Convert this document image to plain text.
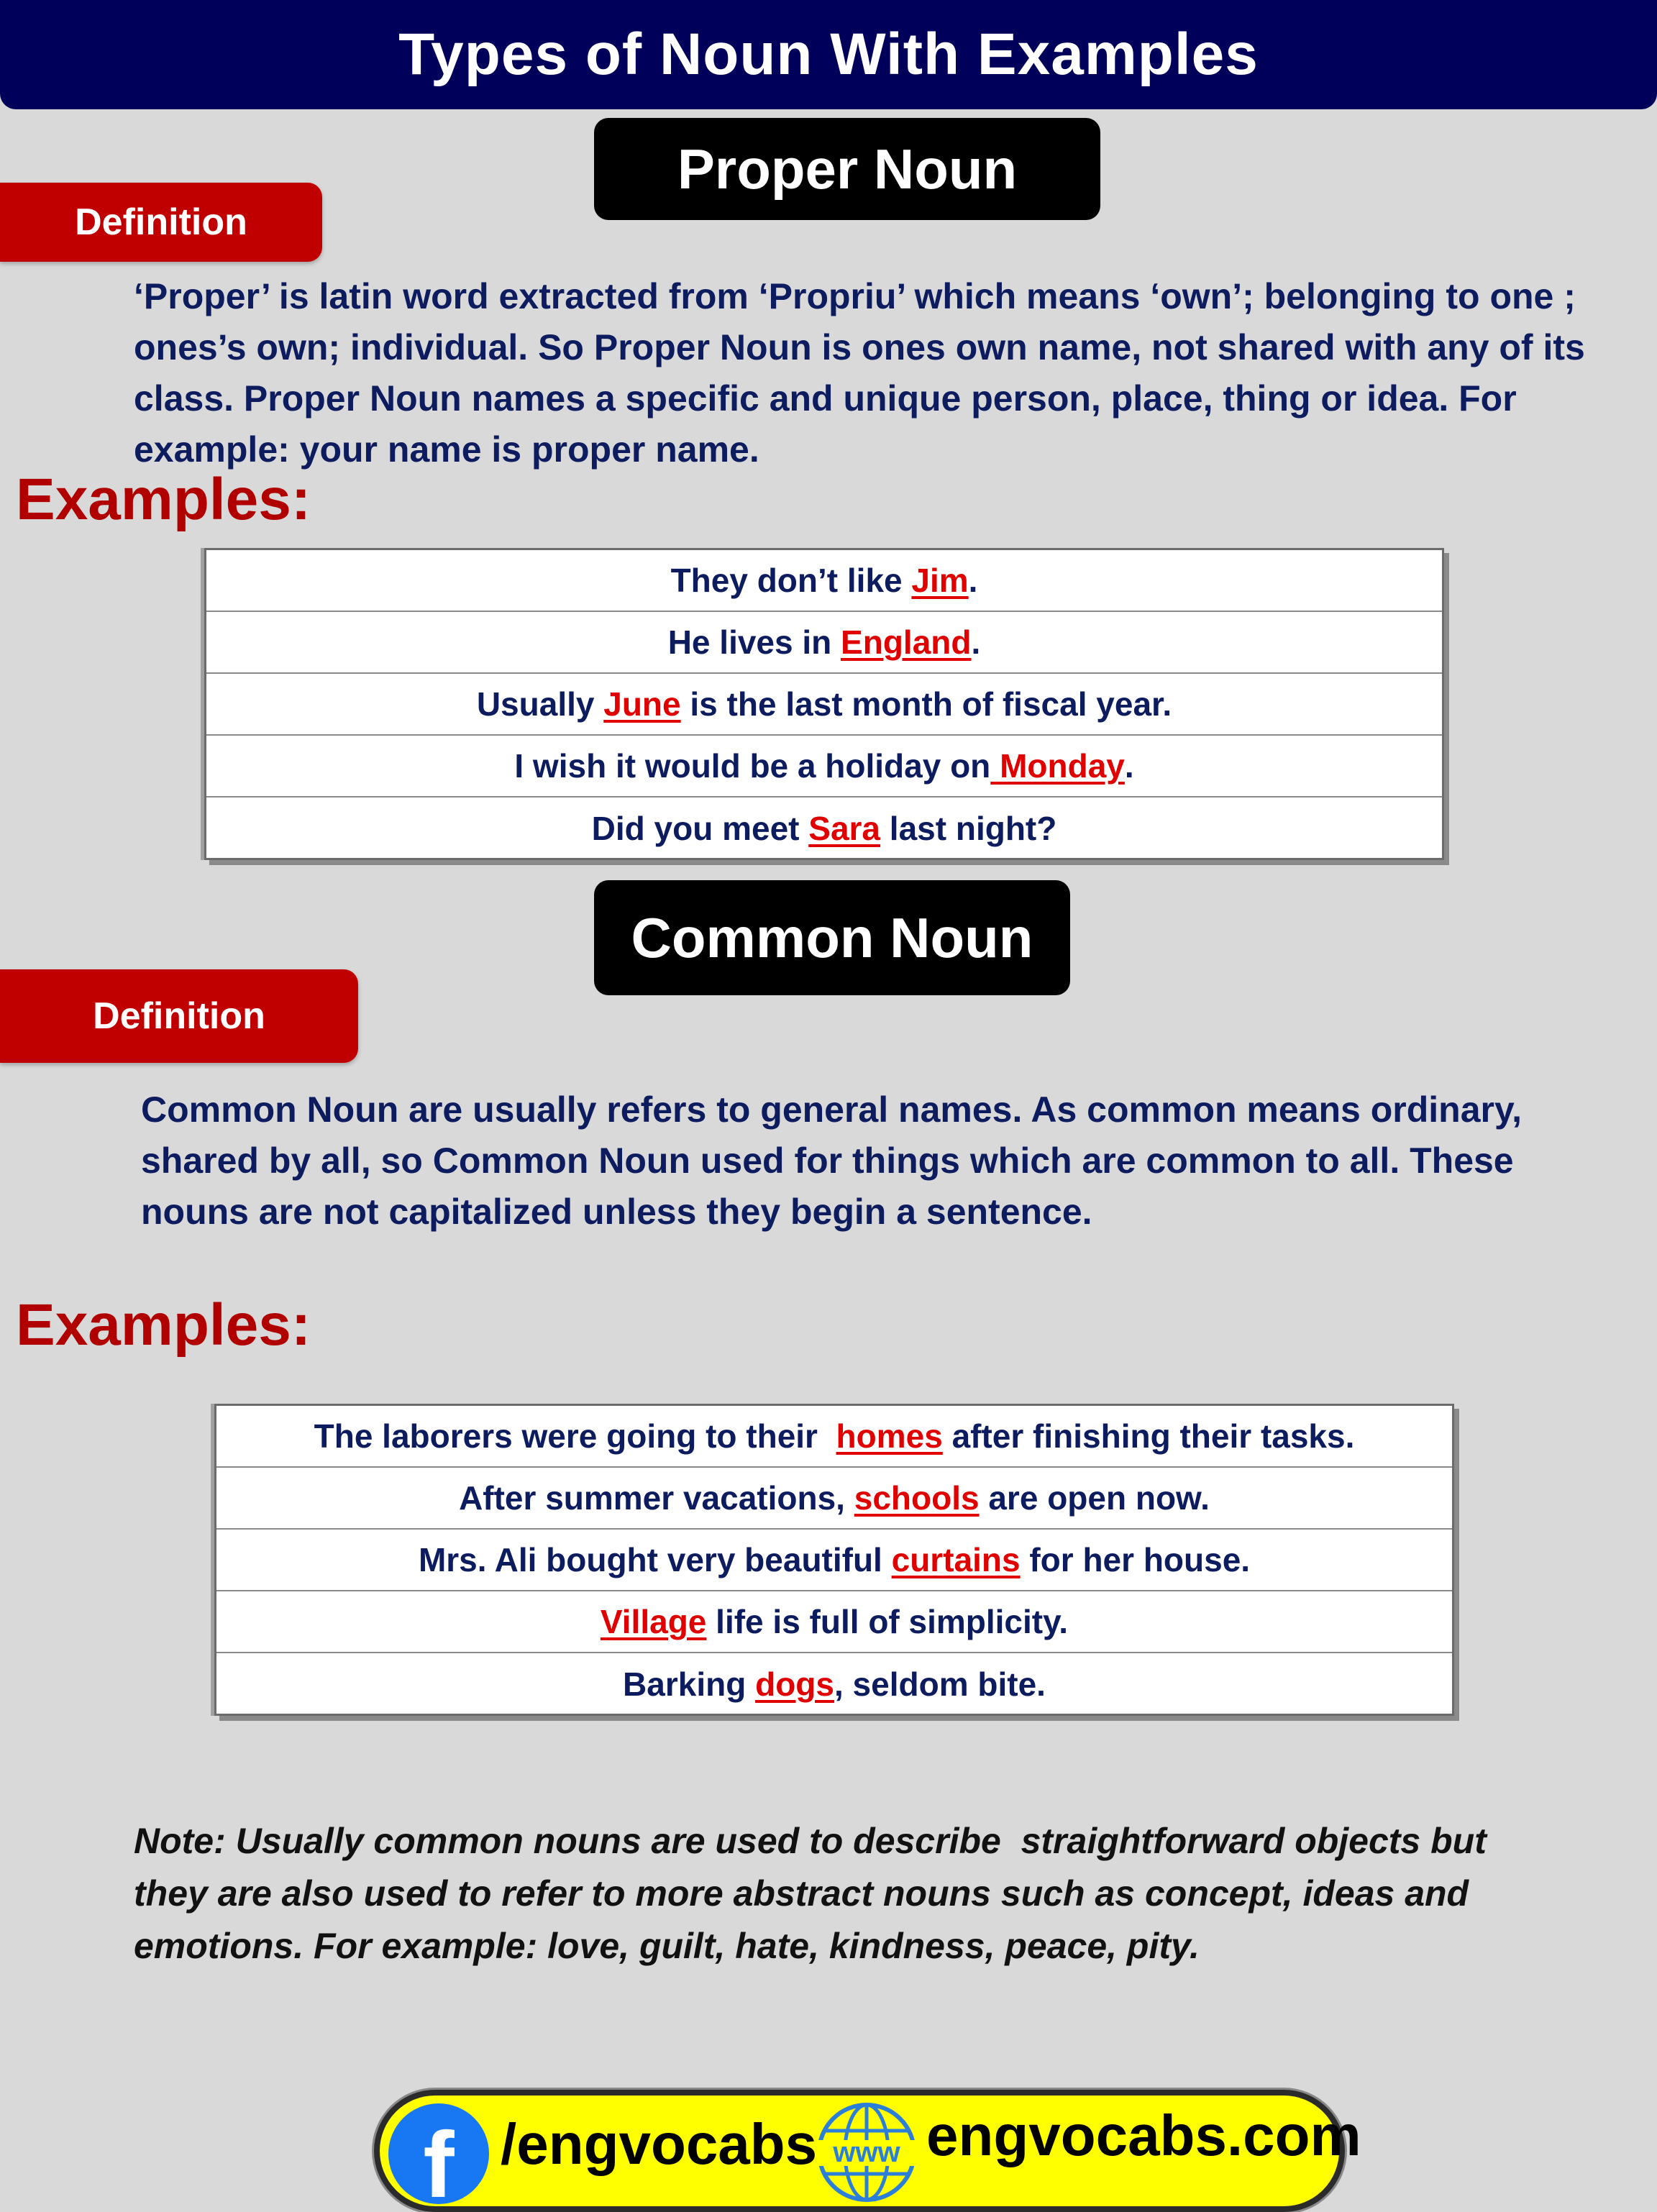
Types of Noun With Examples
Proper Noun
Definition
‘Proper’ is latin word extracted from ‘Propriu’ which means ‘own’; belonging to one ;
ones’s own; individual. So Proper Noun is ones own name, not shared with any of its
class. Proper Noun names a specific and unique person, place, thing or idea. For
example: your name is proper name.
Examples:
They don’t like Jim .
He lives in England .
Usually June is the last month of fiscal year.
I wish it would be a holiday on Monday .
Did you meet Sara last night?
Common Noun
Definition
Common Noun are usually refers to general names. As common means ordinary,
shared by all, so Common Noun used for things which are common to all. These
nouns are not capitalized unless they begin a sentence.
Examples:
The laborers were going to their homes after finishing their tasks.
After summer vacations, schools are open now.
Mrs. Ali bought very beautiful curtains for her house.
Village life is full of simplicity.
Barking dogs , seldom bite.
Note: Usually common nouns are used to describe  straightforward objects but
they are also used to refer to more abstract nouns such as concept, ideas and
emotions. For example: love, guilt, hate, kindness, peace, pity.
f /engvocabs www engvocabs.com
